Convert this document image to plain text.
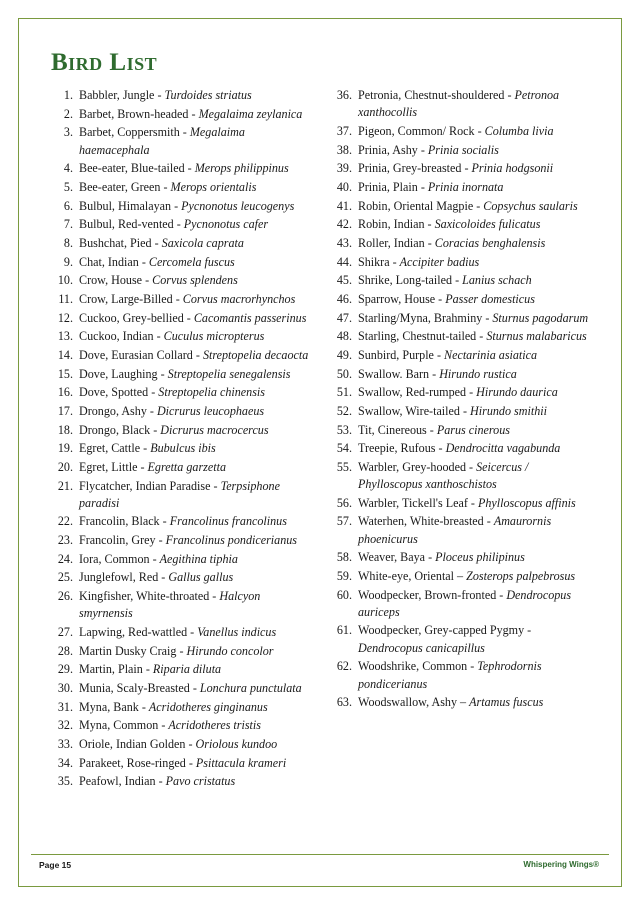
Bird List
1. Babbler, Jungle - Turdoides striatus
2. Barbet, Brown-headed - Megalaima zeylanica
3. Barbet, Coppersmith - Megalaima haemacephala
4. Bee-eater, Blue-tailed - Merops philippinus
5. Bee-eater, Green - Merops orientalis
6. Bulbul, Himalayan - Pycnonotus leucogenys
7. Bulbul, Red-vented - Pycnonotus cafer
8. Bushchat, Pied - Saxicola caprata
9. Chat, Indian - Cercomela fuscus
10. Crow, House - Corvus splendens
11. Crow, Large-Billed - Corvus macrorhynchos
12. Cuckoo, Grey-bellied - Cacomantis passerinus
13. Cuckoo, Indian - Cuculus micropterus
14. Dove, Eurasian Collard - Streptopelia decaocta
15. Dove, Laughing - Streptopelia senegalensis
16. Dove, Spotted - Streptopelia chinensis
17. Drongo, Ashy - Dicrurus leucophaeus
18. Drongo, Black - Dicrurus macrocercus
19. Egret, Cattle - Bubulcus ibis
20. Egret, Little - Egretta garzetta
21. Flycatcher, Indian Paradise - Terpsiphone paradisi
22. Francolin, Black - Francolinus francolinus
23. Francolin, Grey - Francolinus pondicerianus
24. Iora, Common - Aegithina tiphia
25. Junglefowl, Red - Gallus gallus
26. Kingfisher, White-throated - Halcyon smyrnensis
27. Lapwing, Red-wattled - Vanellus indicus
28. Martin Dusky Craig - Hirundo concolor
29. Martin, Plain - Riparia diluta
30. Munia, Scaly-Breasted - Lonchura punctulata
31. Myna, Bank - Acridotheres ginginanus
32. Myna, Common - Acridotheres tristis
33. Oriole, Indian Golden - Oriolous kundoo
34. Parakeet, Rose-ringed - Psittacula krameri
35. Peafowl, Indian - Pavo cristatus
36. Petronia, Chestnut-shouldered - Petronoa xanthocollis
37. Pigeon, Common/ Rock - Columba livia
38. Prinia, Ashy - Prinia socialis
39. Prinia, Grey-breasted - Prinia hodgsonii
40. Prinia, Plain - Prinia inornata
41. Robin, Oriental Magpie - Copsychus saularis
42. Robin, Indian - Saxicoloides fulicatus
43. Roller, Indian - Coracias benghalensis
44. Shikra - Accipiter badius
45. Shrike, Long-tailed - Lanius schach
46. Sparrow, House - Passer domesticus
47. Starling/Myna, Brahminy - Sturnus pagodarum
48. Starling, Chestnut-tailed - Sturnus malabaricus
49. Sunbird, Purple - Nectarinia asiatica
50. Swallow. Barn - Hirundo rustica
51. Swallow, Red-rumped - Hirundo daurica
52. Swallow, Wire-tailed - Hirundo smithii
53. Tit, Cinereous - Parus cinerous
54. Treepie, Rufous - Dendrocitta vagabunda
55. Warbler, Grey-hooded - Seicercus / Phylloscopus xanthoschistos
56. Warbler, Tickell's Leaf - Phylloscopus affinis
57. Waterhen, White-breasted - Amaurornis phoenicurus
58. Weaver, Baya - Ploceus philipinus
59. White-eye, Oriental – Zosterops palpebrosus
60. Woodpecker, Brown-fronted - Dendrocopus auriceps
61. Woodpecker, Grey-capped Pygmy - Dendrocopus canicapillus
62. Woodshrike, Common - Tephrodornis pondicerianus
63. Woodswallow, Ashy – Artamus fuscus
Page 15	Whispering Wings®
